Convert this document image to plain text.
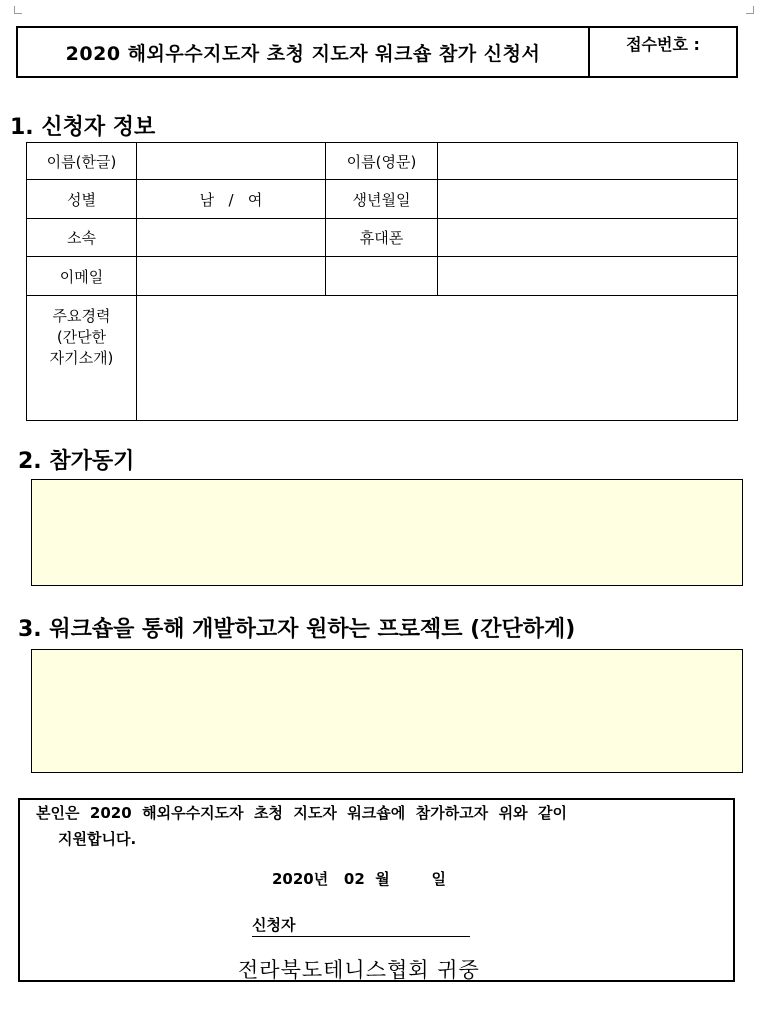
2020 해외우수지도자 초청 지도자 워크숍 참가 신청서	접수번호 :
1. 신청자 정보
이름(한글)		이름(영문)	
성별	남   /   여	생년월일	
소속		휴대폰	
이메일			

주요경력
(간단한
자기소개)			

2. 참가동기
3. 워크숍을 통해 개발하고자 원하는 프로젝트 (간단하게)
본인은  2020  해외우수지도자  초청  지도자  워크숍에  참가하고자  위와  같이
지원합니다.
2020년   02  월        일
신청자
전라북도테니스협회 귀중
